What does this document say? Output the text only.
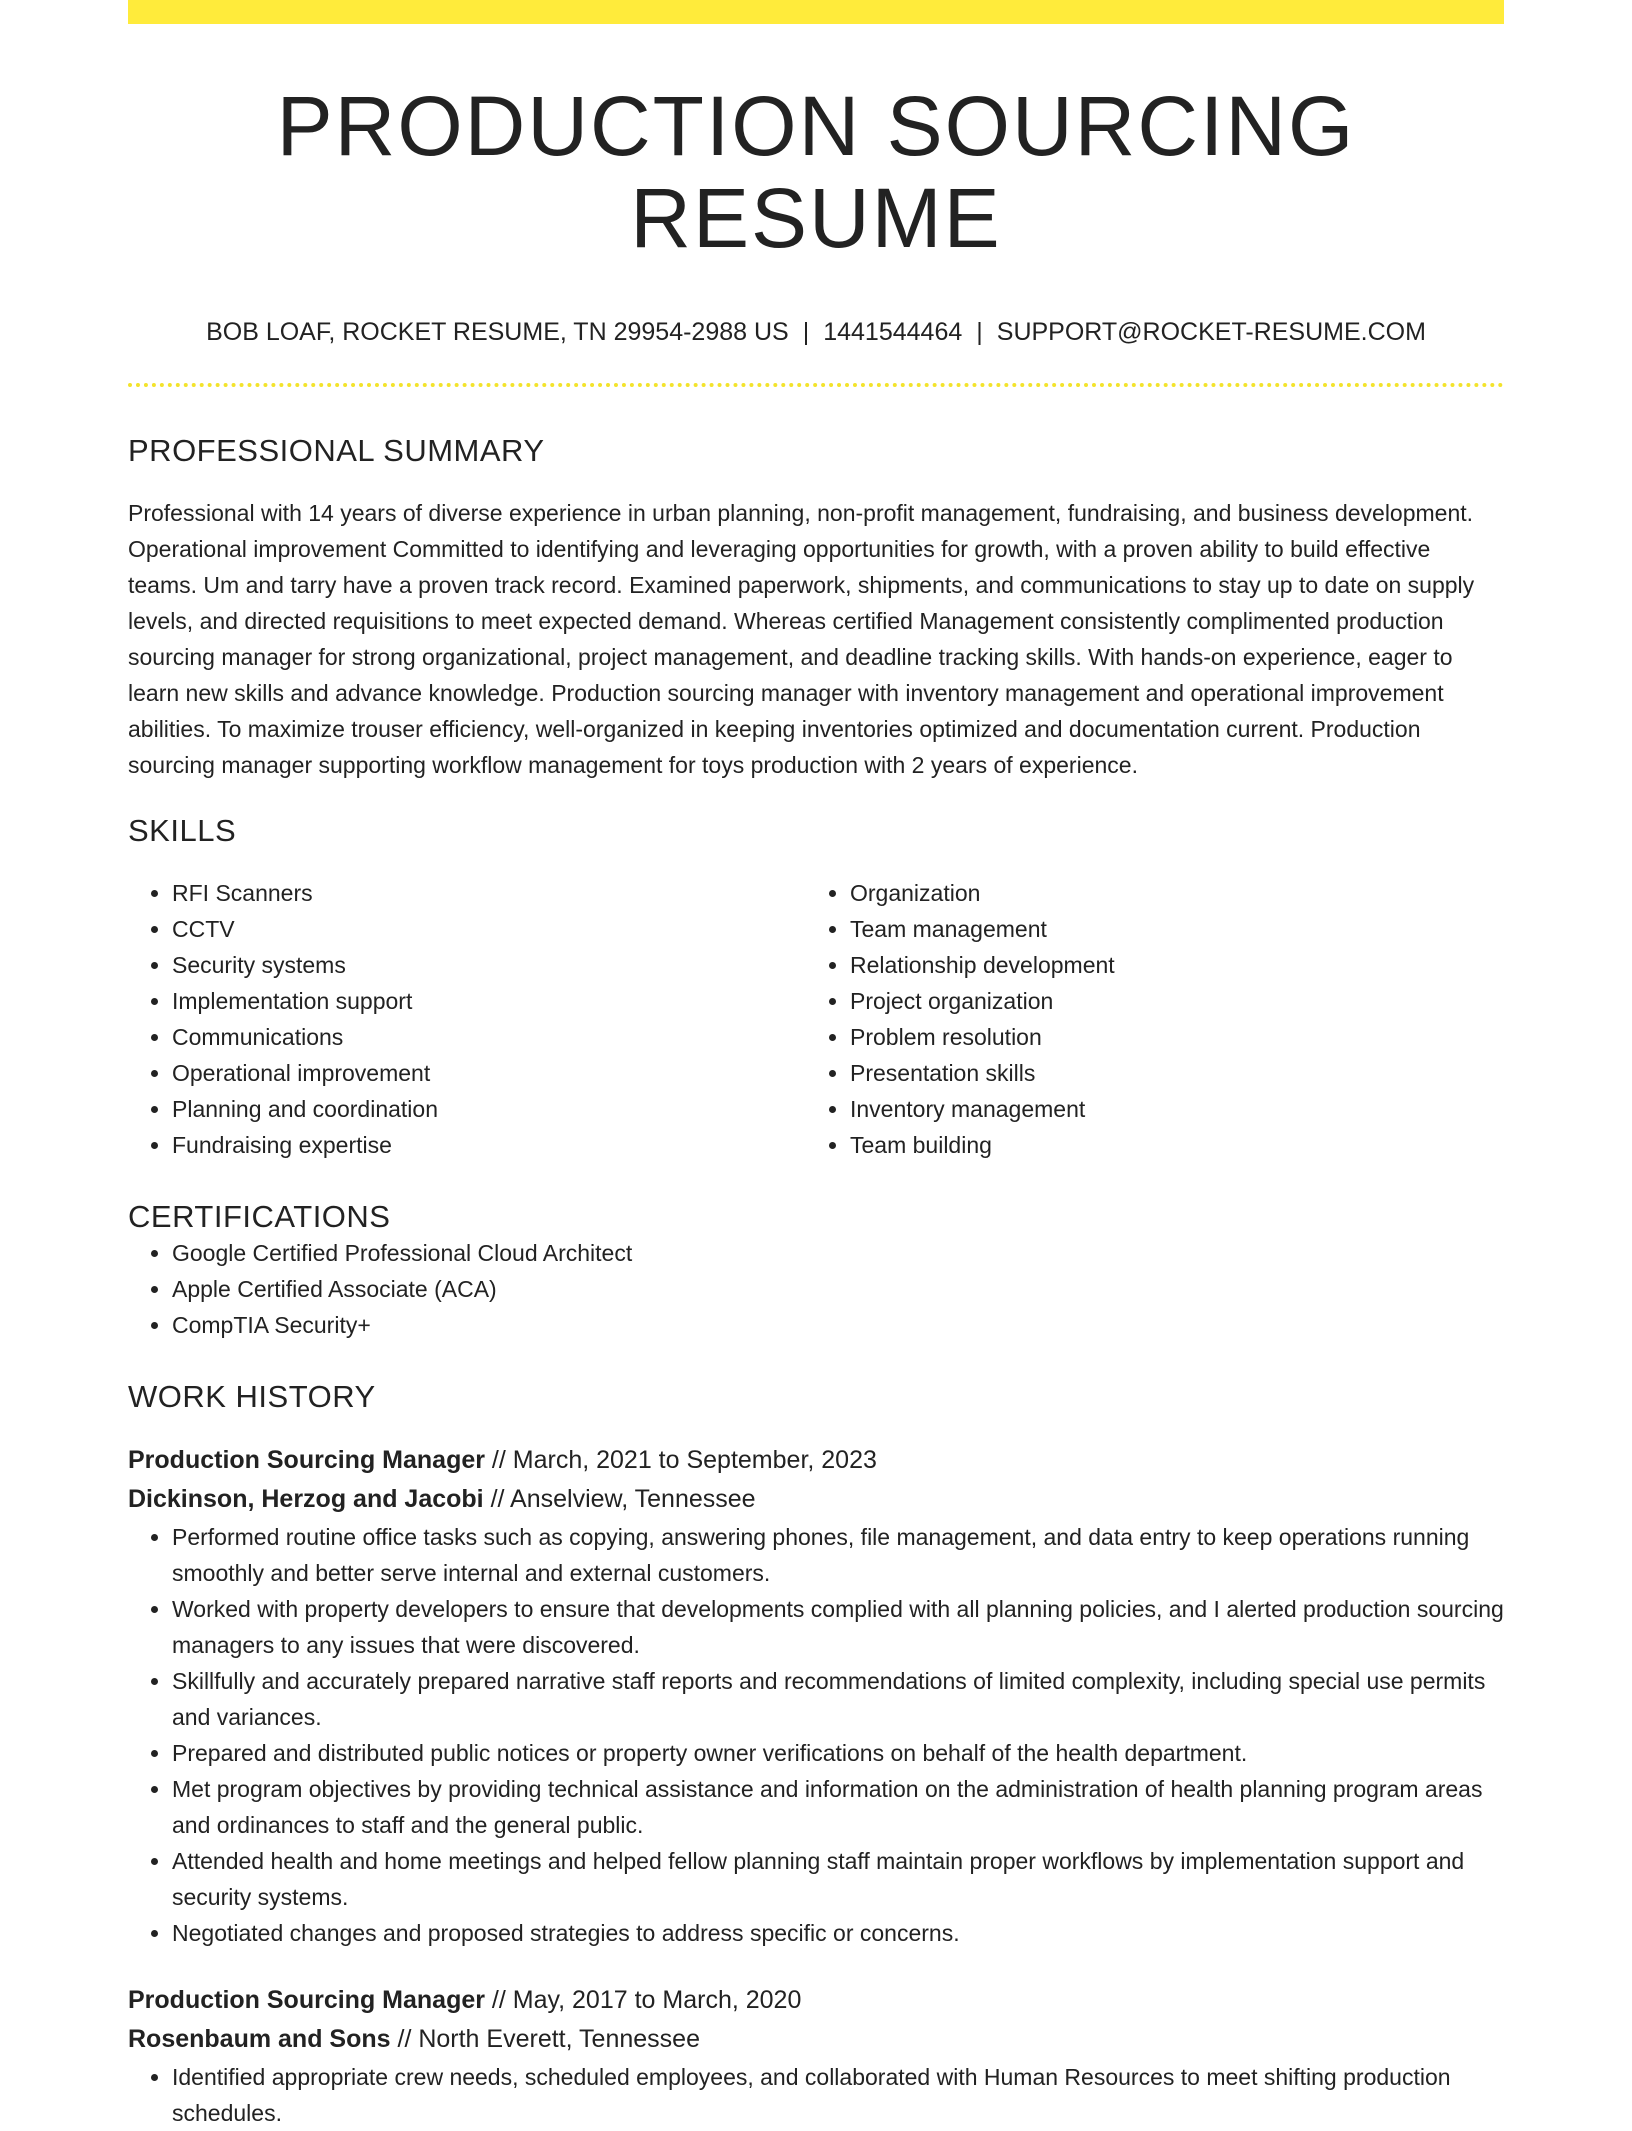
PRODUCTION SOURCING RESUME
BOB LOAF, ROCKET RESUME, TN 29954-2988 US | 1441544464 | SUPPORT@ROCKET-RESUME.COM
PROFESSIONAL SUMMARY

Professional with 14 years of diverse experience in urban planning, non-profit management, fundraising, and business development. Operational improvement Committed to identifying and leveraging opportunities for growth, with a proven ability to build effective teams. Um and tarry have a proven track record. Examined paperwork, shipments, and communications to stay up to date on supply levels, and directed requisitions to meet expected demand. Whereas certified Management consistently complimented production sourcing manager for strong organizational, project management, and deadline tracking skills. With hands-on experience, eager to learn new skills and advance knowledge. Production sourcing manager with inventory management and operational improvement abilities. To maximize trouser efficiency, well-organized in keeping inventories optimized and documentation current. Production sourcing manager supporting workflow management for toys production with 2 years of experience.

SKILLS
• RFI Scanners
• CCTV
• Security systems
• Implementation support
• Communications
• Operational improvement
• Planning and coordination
• Fundraising expertise
• Organization
• Team management
• Relationship development
• Project organization
• Problem resolution
• Presentation skills
• Inventory management
• Team building
CERTIFICATIONS
• Google Certified Professional Cloud Architect
• Apple Certified Associate (ACA)
• CompTIA Security+
WORK HISTORY
Production Sourcing Manager // March, 2021 to September, 2023
Dickinson, Herzog and Jacobi // Anselview, Tennessee
• Performed routine office tasks such as copying, answering phones, file management, and data entry to keep operations running smoothly and better serve internal and external customers.
• Worked with property developers to ensure that developments complied with all planning policies, and I alerted production sourcing managers to any issues that were discovered.
• Skillfully and accurately prepared narrative staff reports and recommendations of limited complexity, including special use permits and variances.
• Prepared and distributed public notices or property owner verifications on behalf of the health department.
• Met program objectives by providing technical assistance and information on the administration of health planning program areas and ordinances to staff and the general public.
• Attended health and home meetings and helped fellow planning staff maintain proper workflows by implementation support and security systems.
• Negotiated changes and proposed strategies to address specific or concerns.
Production Sourcing Manager // May, 2017 to March, 2020
Rosenbaum and Sons // North Everett, Tennessee
• Identified appropriate crew needs, scheduled employees, and collaborated with Human Resources to meet shifting production schedules.
